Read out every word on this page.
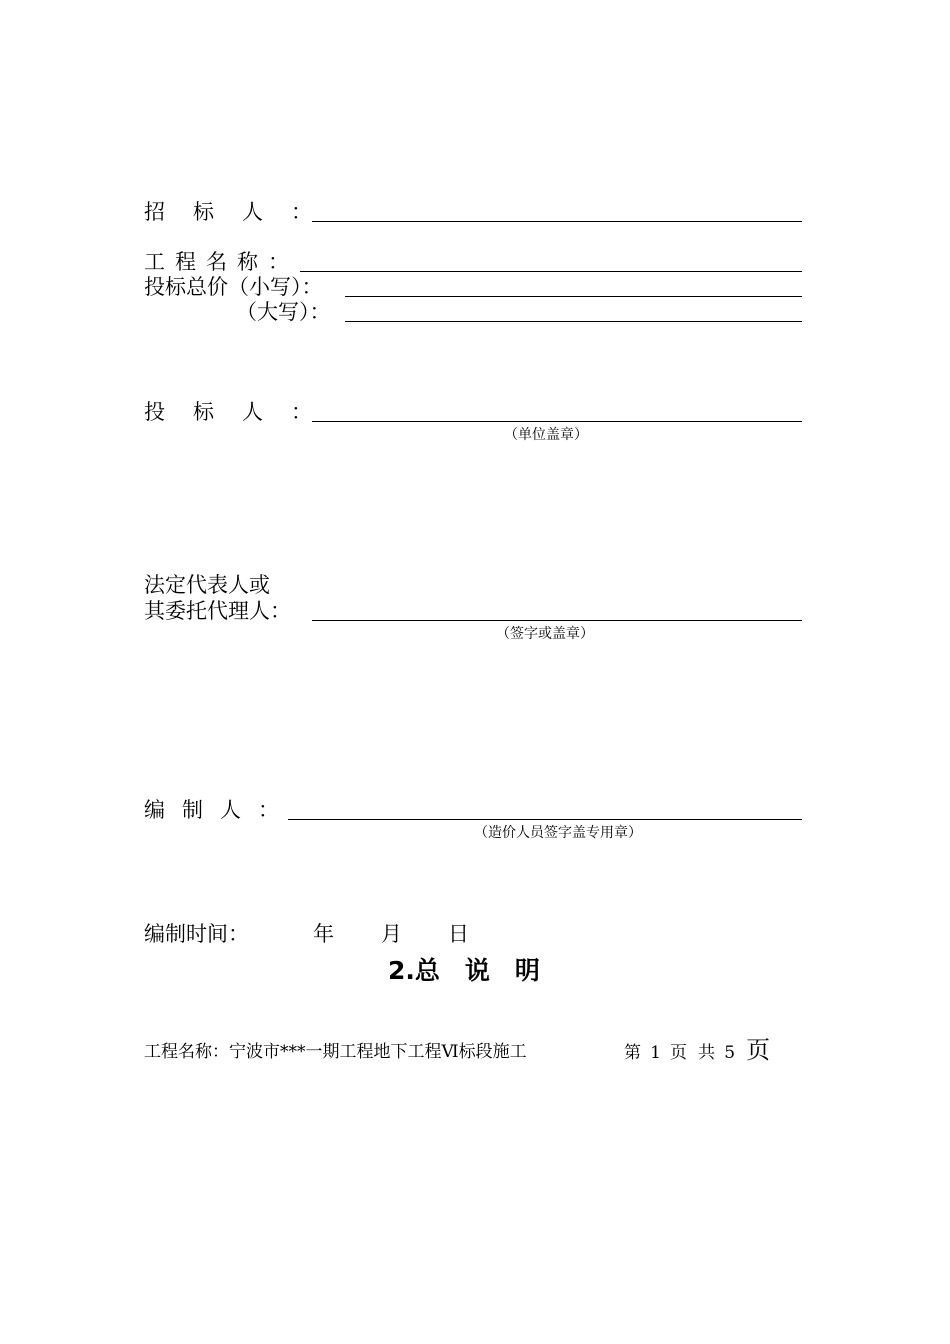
招标人：
工程名称：
投标总价（小写）：
（大写）：
投标人：
（单位盖章）
法定代表人或
其委托代理人：
（签字或盖章）
编制人：
（造价人员签字盖专用章）
编制时间：	年 月 日
2.总　说　明
工程名称：宁波市***一期工程地下工程Ⅵ标段施工	第 1 页 共 5 页
